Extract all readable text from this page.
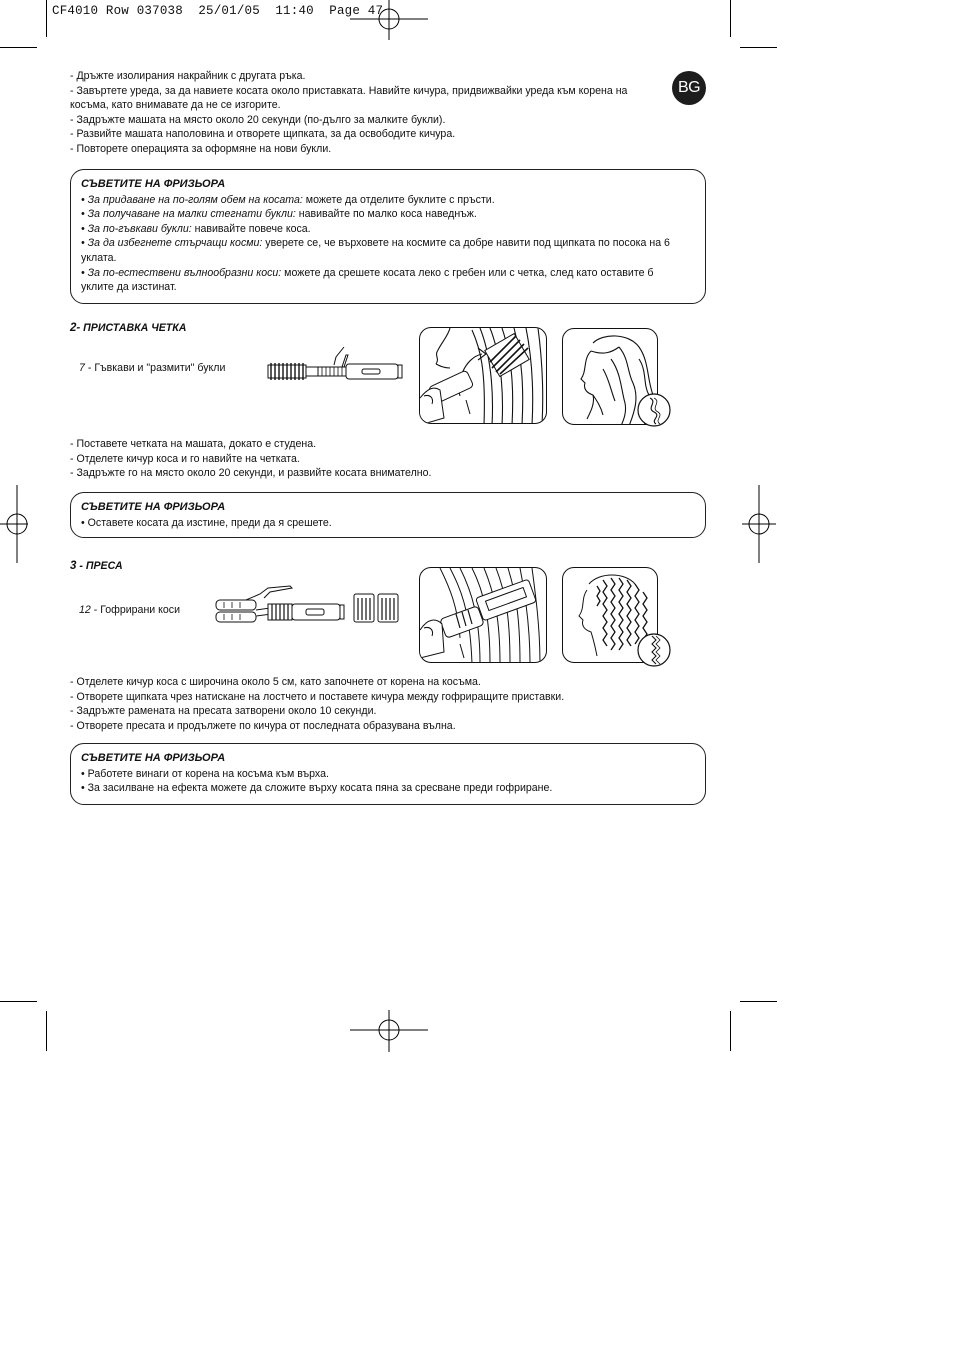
CF4010 Row 037038  25/01/05  11:40  Page 47
BG
- Дръжте изолирания накрайник с другата ръка.
- Завъртете уреда, за да навиете косата около приставката. Навийте кичура, придвижвайки уреда към корена на
косъма, като внимавате да не се изгорите.
- Задръжте машата на място около 20 секунди (по-дълго за малките букли).
- Развийте машата наполовина и отворете щипката, за да освободите кичура.
- Повторете операцията за оформяне на нови букли.
СЪВЕТИТЕ НА ФРИЗЬОРА
• За придаване на по-голям обем на косата: можете да отделите буклите с пръсти.
• За получаване на малки стегнати букли: навивайте по малко коса наведнъж.
• За по-гъвкави букли: навивайте повече коса.
• За да избегнете стърчащи косми: уверете се, че върховете на космите са добре навити под щипката по посока на 6
уклата.
• За по-естествени вълнообразни коси: можете да срешете косата леко с гребен или с четка, след като оставите б
уклите да изстинат.
2- ПРИСТАВКА ЧЕТКА
7 - Гъвкави и "размити" букли
- Поставете четката на машата, докато е студена.
- Отделете кичур коса и го навийте на четката.
- Задръжте го на място около 20 секунди, и развийте косата внимателно.
СЪВЕТИТЕ НА ФРИЗЬОРА
• Оставете косата да изстине, преди да я срешете.
3 - ПРЕСА
12 - Гофрирани коси
- Отделете кичур коса с широчина около 5 см, като започнете от корена на косъма.
- Отворете щипката чрез натискане на лостчето и поставете кичура между гофриращите приставки.
- Задръжте рамената на пресата затворени около 10 секунди.
- Отворете пресата и продължете по кичура от последната образувана вълна.
СЪВЕТИТЕ НА ФРИЗЬОРА
• Работете винаги от корена на косъма към върха.
• За засилване на ефекта можете да сложите върху косата пяна за сресване преди гофриране.
